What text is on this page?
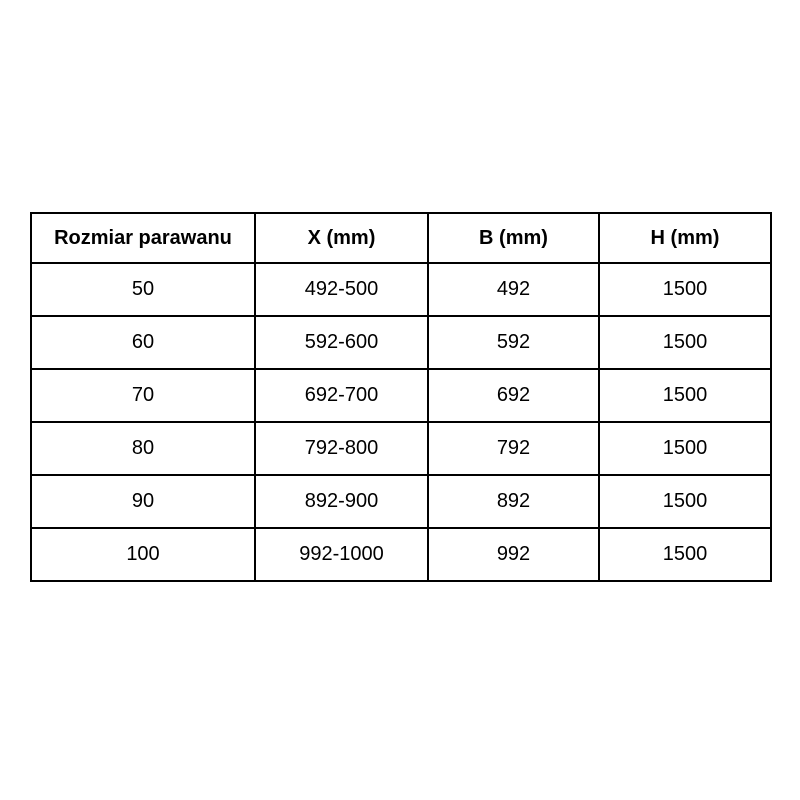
Rozmiar parawanu	X (mm)	B (mm)	H (mm)
50	492-500	492	1500
60	592-600	592	1500
70	692-700	692	1500
80	792-800	792	1500
90	892-900	892	1500
100	992-1000	992	1500
